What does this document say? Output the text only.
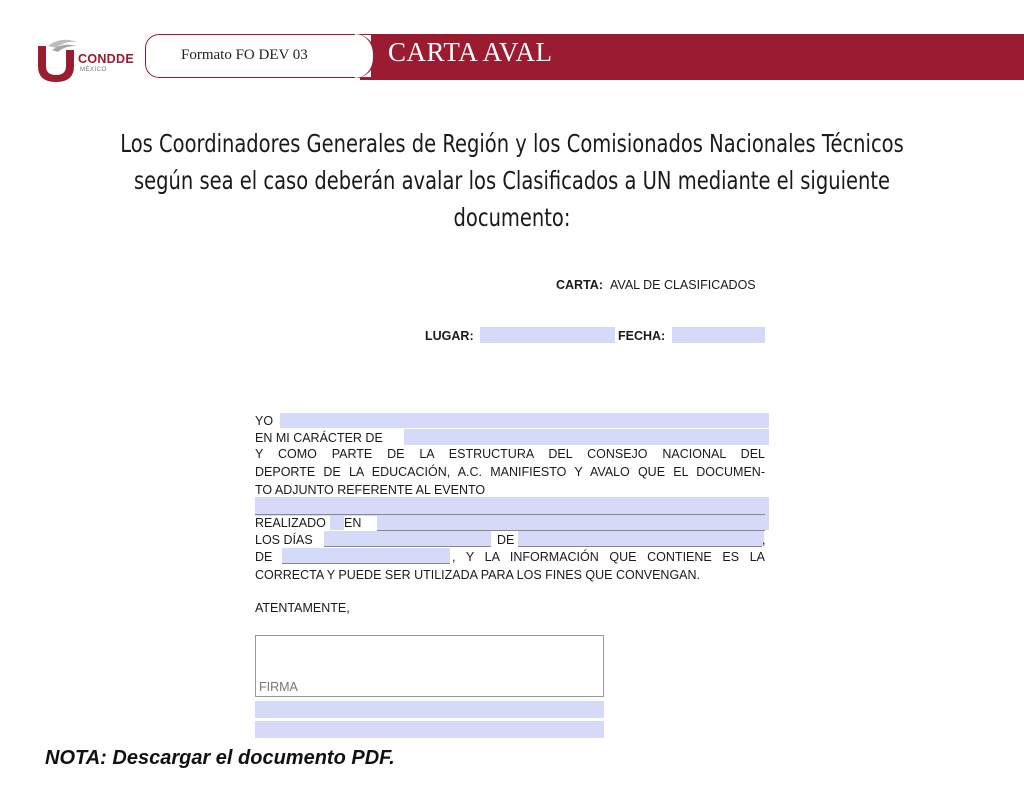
CARTA AVAL
Formato FO DEV 03
CONDDE
MÉXICO
Los Coordinadores Generales de Región y los Comisionados Nacionales Técnicos
según sea el caso deberán avalar los Clasificados a UN mediante el siguiente
documento:
CARTA: AVAL DE CLASIFICADOS
LUGAR:	FECHA:
YO
EN MI CARÁCTER DE
Y COMO PARTE DE LA ESTRUCTURA DEL CONSEJO NACIONAL DEL
DEPORTE DE LA EDUCACIÓN, A.C. MANIFIESTO Y AVALO QUE EL DOCUMEN-
TO ADJUNTO REFERENTE AL EVENTO
REALIZADO	EN
LOS DÍAS	DE	,
DE	, Y LA INFORMACIÓN QUE CONTIENE ES LA
CORRECTA Y PUEDE SER UTILIZADA PARA LOS FINES QUE CONVENGAN.
ATENTAMENTE,
FIRMA
NOTA: Descargar el documento PDF.
